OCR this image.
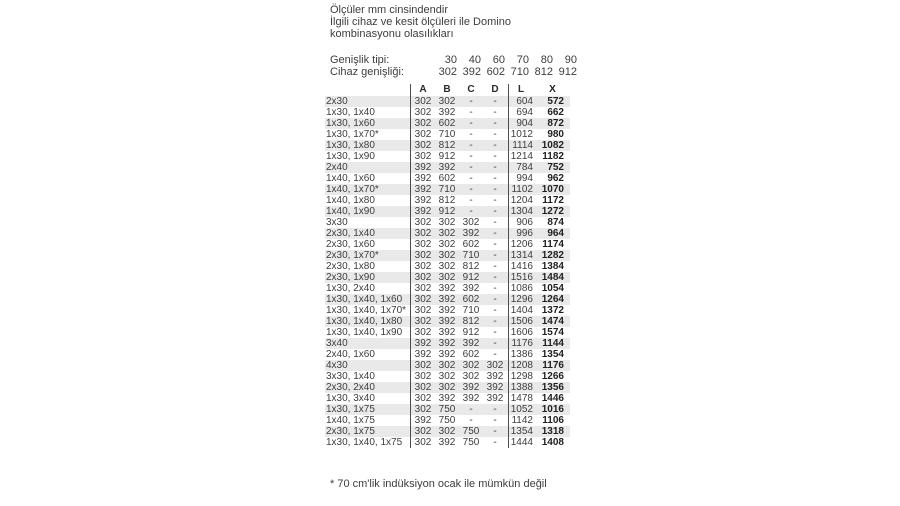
Ölçüler mm cinsindendir
İlgili cihaz ve kesit ölçüleri ile Domino
kombinasyonu olasılıkları
Genişlik tipi:	30	40	60	70	80	90
Cihaz genişliği:	302 392 602 710 812 912
A	B	C	D	L	X
2x30	302 302	-	-	604	572
1x30, 1x40	302 392	-	-	694	662
1x30, 1x60	302 602	-	-	904	872
1x30, 1x70*	302 710	-	-	1012	980
1x30, 1x80	302 812	-	-	1114 1082
1x30, 1x90	302 912	-	-	1214 1182
2x40	392 392	-	-	784	752
1x40, 1x60	392 602	-	-	994	962
1x40, 1x70*	392 710	-	-	1102 1070
1x40, 1x80	392 812	-	-	1204 1172
1x40, 1x90	392 912	-	-	1304 1272
3x30	302 302 302	-	906	874
2x30, 1x40	302 302 392	-	996	964
2x30, 1x60	302 302 602	-	1206 1174
2x30, 1x70*	302 302 710	-	1314 1282
2x30, 1x80	302 302 812	-	1416 1384
2x30, 1x90	302 302 912	-	1516 1484
1x30, 2x40	302 392 392	-	1086 1054
1x30, 1x40, 1x60	302 392 602	-	1296 1264
1x30, 1x40, 1x70* 302 392 710	-	1404 1372
1x30, 1x40, 1x80	302 392 812	-	1506 1474
1x30, 1x40, 1x90	302 392 912	-	1606 1574
3x40	392 392 392	-	1176 1144
2x40, 1x60	392 392 602	-	1386 1354
4x30	302 302 302 302 1208 1176
3x30, 1x40	302 302 302 392 1298 1266
2x30, 2x40	302 302 392 392 1388 1356
1x30, 3x40	302 392 392 392 1478 1446
1x30, 1x75	302 750	-	-	1052 1016
1x40, 1x75	392 750	-	-	1142 1106
2x30, 1x75	302 302 750	-	1354 1318
1x30, 1x40, 1x75	302 392 750	-	1444 1408
* 70 cm'lik indüksiyon ocak ile mümkün değil
